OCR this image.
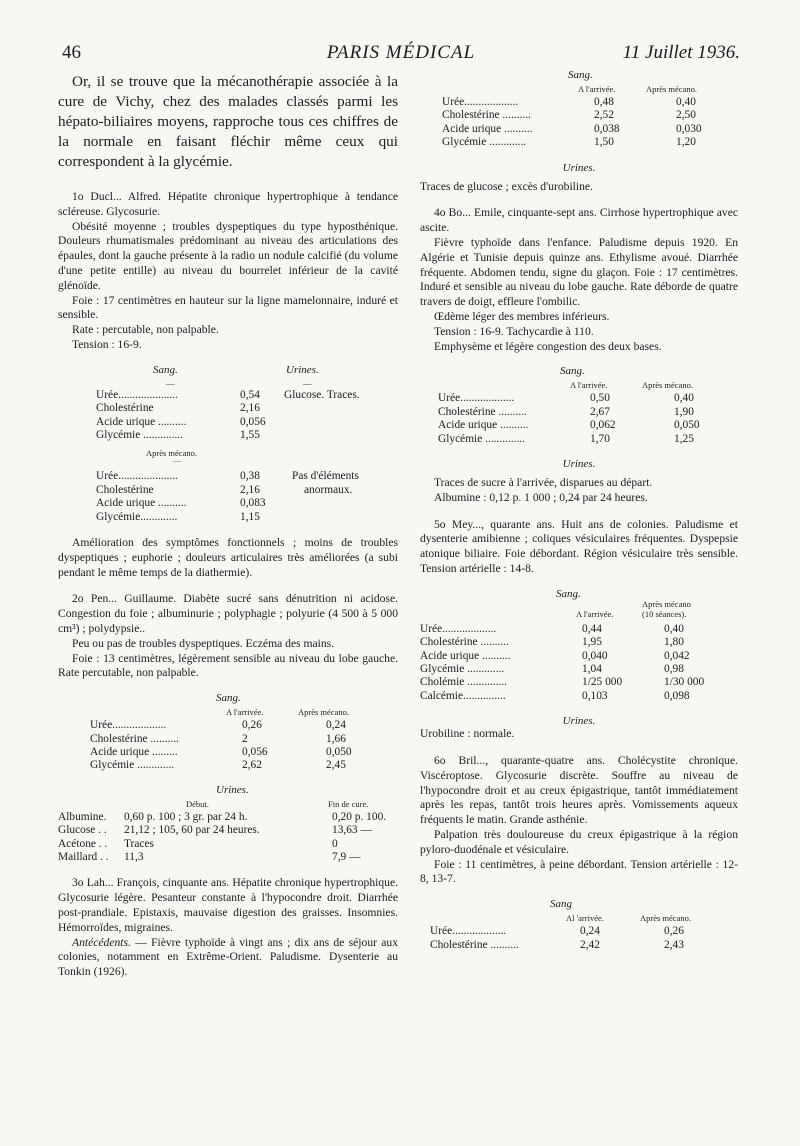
46	PARIS MÉDICAL	11 Juillet 1936.

Or, il se trouve que la mécanothérapie associée à la cure de Vichy, chez des malades classés parmi les hépato-biliaires moyens, rapproche tous ces chiffres de la normale en faisant fléchir même ceux qui correspondent à la glycémie.

1o Ducl... Alfred. Hépatite chronique hypertrophique à tendance scléreuse. Glycosurie.

Obésité moyenne ; troubles dyspeptiques du type hyposthénique. Douleurs rhumatismales prédominant au niveau des articulations des épaules, dont la gauche présente à la radio un nodule calcifié (du volume d'une petite entille) au niveau du bourrelet inférieur de la cavité glénoïde.

Foie : 17 centimètres en hauteur sur la ligne mamelonnaire, induré et sensible.

Rate : percutable, non palpable.

Tension : 16-9.

Sang.	Urines.
—	—
Urée.....................	0,54	Glucose. Traces.
Cholestérine	2,16	
Acide urique ..........	0,056	
Glycémie ..............	1,55	
Après mécano.
—
Urée.....................	0,38	Pas d'éléments
Cholestérine	2,16	anormaux.
Acide urique ..........	0,083	
Glycémie.............	1,15	

Amélioration des symptômes fonctionnels ; moins de troubles dyspeptiques ; euphorie ; douleurs articulaires très améliorées (a subi pendant le même temps de la diathermie).

2o Pen... Guillaume. Diabète sucré sans dénutrition ni acidose. Congestion du foie ; albuminurie ; polyphagie ; polyurie (4 500 à 5 000 cm³) ; polydypsie..

Peu ou pas de troubles dyspeptiques. Eczéma des mains.

Foie : 13 centimètres, légèrement sensible au niveau du lobe gauche. Rate percutable, non palpable.

Sang.
A l'arrivée.	Après mécano.
Urée...................	0,26	0,24
Cholestérine ..........	2	1,66
Acide urique .........	0,056	0,050
Glycémie .............	2,62	2,45
Urines.
Début.	Fin de cure.
Albumine.	0,60 p. 100 ; 3 gr. par 24 h.	0,20 p. 100.
Glucose . .	21,12 ; 105, 60 par 24 heures.	13,63 —
Acétone . .	Traces	0
Maillard . .	11,3	7,9 —

3o Lah... François, cinquante ans. Hépatite chronique hypertrophique. Glycosurie légère. Pesanteur constante à l'hypocondre droit. Diarrhée post-prandiale. Epistaxis, mauvaise digestion des graisses. Insomnies. Hémorroïdes, migraines.

Antécédents. — Fièvre typhoïde à vingt ans ; dix ans de séjour aux colonies, notamment en Extrême-Orient. Paludisme. Dysenterie au Tonkin (1926).

Sang.
A l'arrivée.	Après mécano.
Urée...................	0,48	0,40
Cholestérine ..........	2,52	2,50
Acide urique ..........	0,038	0,030
Glycémie .............	1,50	1,20
Urines.

Traces de glucose ; excès d'urobiline.

4o Bo... Emile, cinquante-sept ans. Cirrhose hypertrophique avec ascite.

Fièvre typhoïde dans l'enfance. Paludisme depuis 1920. En Algérie et Tunisie depuis quinze ans. Ethylisme avoué. Diarrhée fréquente. Abdomen tendu, signe du glaçon. Foie : 17 centimètres. Induré et sensible au niveau du lobe gauche. Rate déborde de quatre travers de doigt, effleure l'ombilic.

Œdème léger des membres inférieurs.

Tension : 16-9. Tachycardie à 110.

Emphysème et légère congestion des deux bases.

Sang.
A l'arrivée.	Après mécano.
Urée...................	0,50	0,40
Cholestérine ..........	2,67	1,90
Acide urique ..........	0,062	0,050
Glycémie ..............	1,70	1,25
Urines.

Traces de sucre à l'arrivée, disparues au départ.

Albumine : 0,12 p. 1 000 ; 0,24 par 24 heures.

5o Mey..., quarante ans. Huit ans de colonies. Paludisme et dysenterie amibienne ; coliques vésiculaires fréquentes. Dyspepsie atonique biliaire. Foie débordant. Région vésiculaire très sensible. Tension artérielle : 14-8.

Sang.
Après mécano
A l'arrivée.	(10 séances).
Urée...................	0,44	0,40
Cholestérine ..........	1,95	1,80
Acide urique ..........	0,040	0,042
Glycémie .............	1,04	0,98
Cholémie ..............	1/25 000	1/30 000
Calcémie...............	0,103	0,098
Urines.

Urobiline : normale.

6o Bril..., quarante-quatre ans. Cholécystite chronique. Viscéroptose. Glycosurie discrète. Souffre au niveau de l'hypocondre droit et au creux épigastrique, tantôt immédiatement après les repas, tantôt trois heures après. Vomissements aqueux fréquents le matin. Grande asthénie.

Palpation très douloureuse du creux épigastrique à la région pyloro-duodénale et vésiculaire.

Foie : 11 centimètres, à peine débordant. Tension artérielle : 12-8, 13-7.

Sang
Al 'arrivée.	Après mécano.
Urée...................	0,24	0,26
Cholestérine ..........	2,42	2,43
